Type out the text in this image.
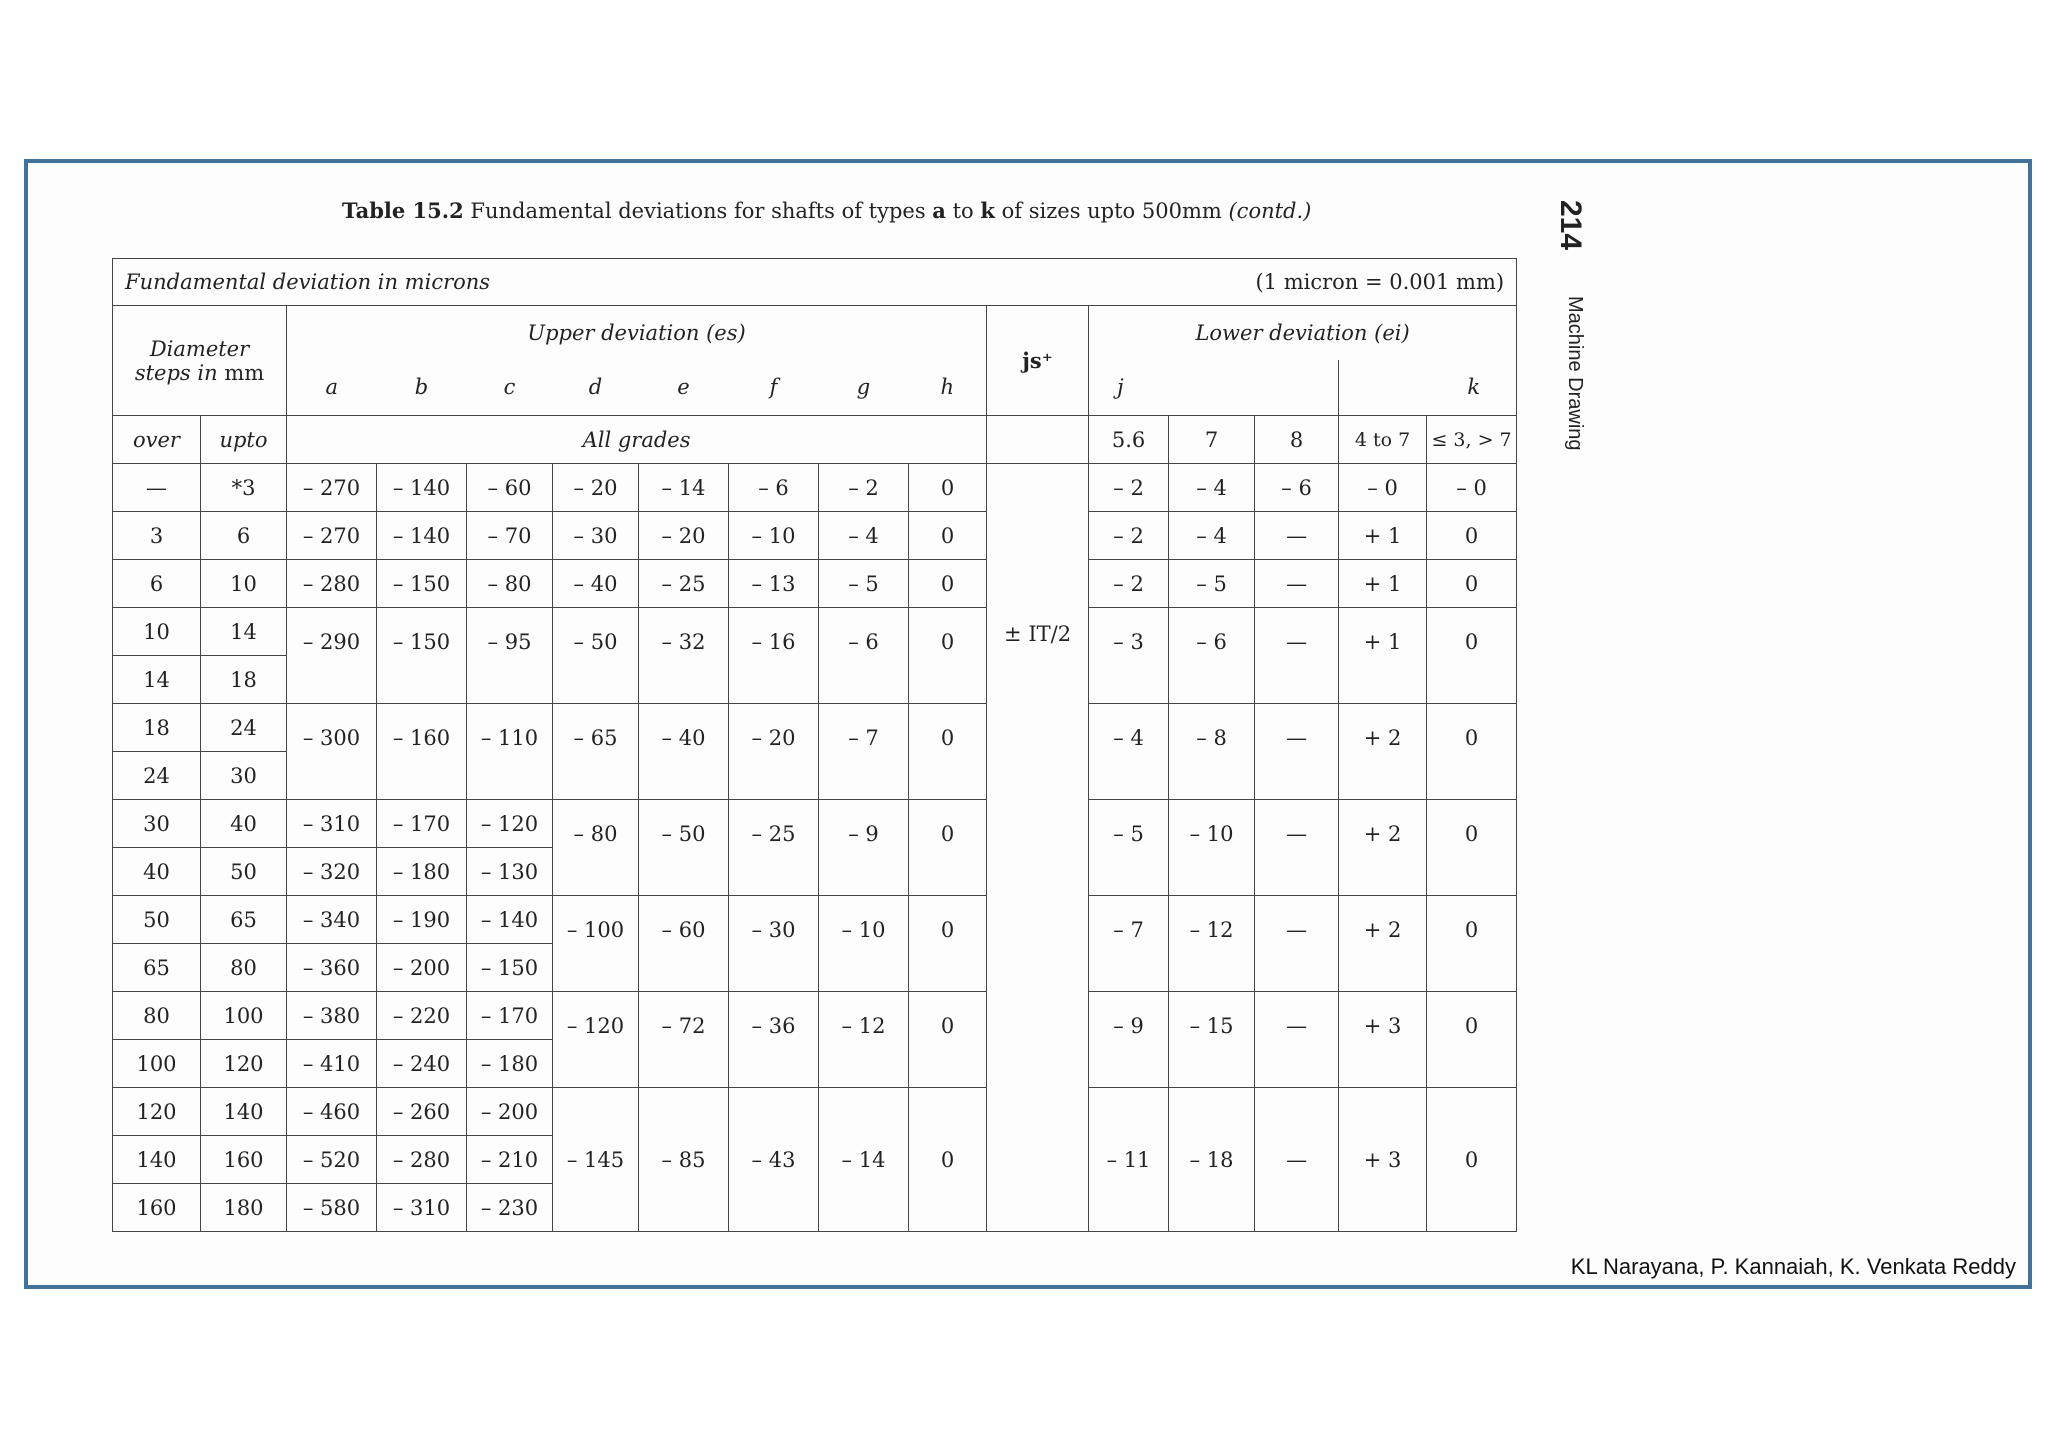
Table 15.2 Fundamental deviations for shafts of types a to k of sizes upto 500mm (contd.)	214
Machine Drawing
KL Narayana, P. Kannaiah, K. Venkata Reddy
Fundamental deviation in microns										(1 micron = 0.001 mm)					

Diameter
steps in mm		Upper deviation (es)								js⁺	Lower deviation (ei)				
		a	b	c	d	e	f	g	h		j			k	
over	upto	All grades									5.6	7	8	4 to 7	≤ 3, > 7
—	*3	– 270	– 140	– 60	– 20	– 14	– 6	– 2	0	± IT/2	– 2	– 4	– 6	– 0	– 0
3	6	– 270	– 140	– 70	– 30	– 20	– 10	– 4	0		– 2	– 4	—	+ 1	0
6	10	– 280	– 150	– 80	– 40	– 25	– 13	– 5	0		– 2	– 5	—	+ 1	0
10	14	– 290	– 150	– 95	– 50	– 32	– 16	– 6	0		– 3	– 6	—	+ 1	0
14	18														
18	24	– 300	– 160	– 110	– 65	– 40	– 20	– 7	0		– 4	– 8	—	+ 2	0
24	30														
30	40	– 310	– 170	– 120	– 80	– 50	– 25	– 9	0		– 5	– 10	—	+ 2	0
40	50	– 320	– 180	– 130											
50	65	– 340	– 190	– 140	– 100	– 60	– 30	– 10	0		– 7	– 12	—	+ 2	0
65	80	– 360	– 200	– 150											
80	100	– 380	– 220	– 170	– 120	– 72	– 36	– 12	0		– 9	– 15	—	+ 3	0
100	120	– 410	– 240	– 180											
120	140	– 460	– 260	– 200	– 145	– 85	– 43	– 14	0		– 11	– 18	—	+ 3	0
140	160	– 520	– 280	– 210											
160	180	– 580	– 310	– 230											
